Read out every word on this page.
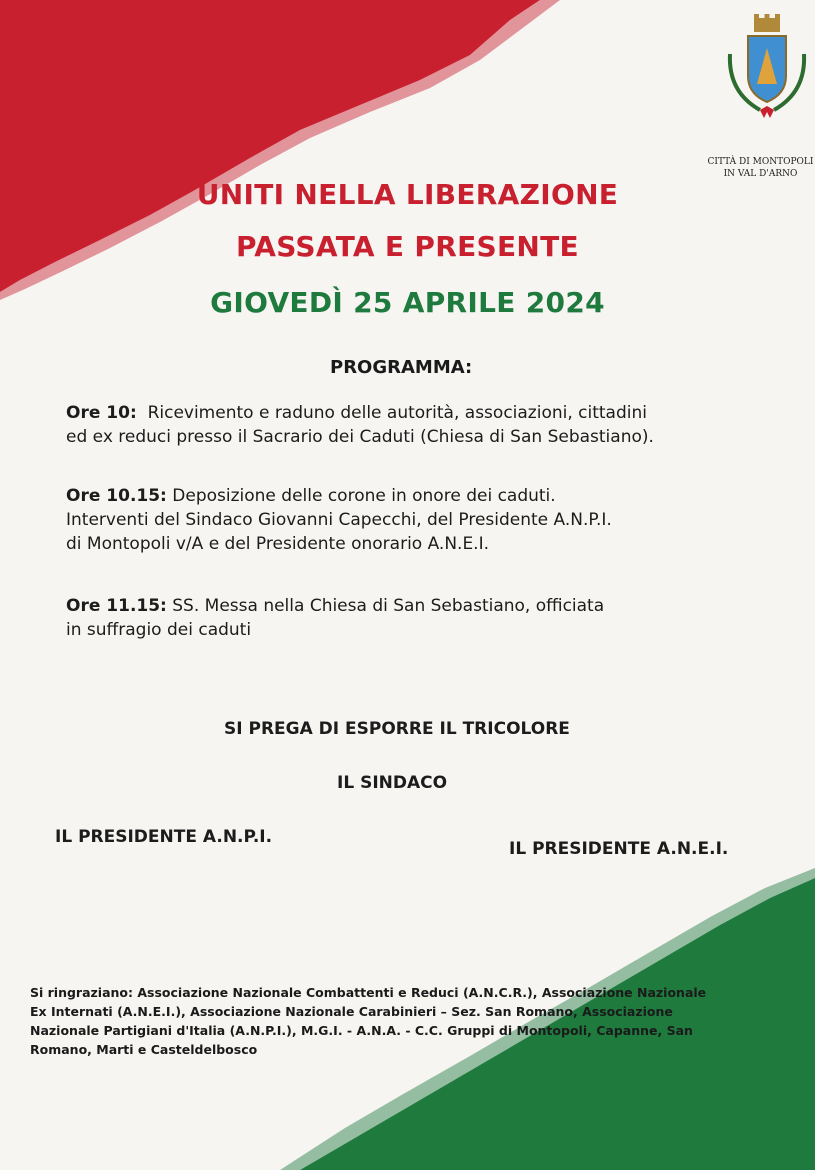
CITTÀ DI MONTOPOLI
IN VAL D'ARNO
UNITI NELLA LIBERAZIONE
PASSATA E PRESENTE
GIOVEDÌ 25 APRILE 2024
PROGRAMMA:
Ore 10: Ricevimento e raduno delle autorità, associazioni, cittadini
ed ex reduci presso il Sacrario dei Caduti (Chiesa di San Sebastiano).
Ore 10.15: Deposizione delle corone in onore dei caduti.
Interventi del Sindaco Giovanni Capecchi, del Presidente A.N.P.I.
di Montopoli v/A e del Presidente onorario A.N.E.I.
Ore 11.15: SS. Messa nella Chiesa di San Sebastiano, officiata
in suffragio dei caduti
SI PREGA DI ESPORRE IL TRICOLORE
IL SINDACO
IL PRESIDENTE A.N.P.I.
IL PRESIDENTE A.N.E.I.
Si ringraziano: Associazione Nazionale Combattenti e Reduci (A.N.C.R.), Associazione Nazionale
Ex Internati (A.N.E.I.), Associazione Nazionale Carabinieri – Sez. San Romano, Associazione
Nazionale Partigiani d'Italia (A.N.P.I.), M.G.I. - A.N.A. - C.C. Gruppi di Montopoli, Capanne, San
Romano, Marti e Casteldelbosco
